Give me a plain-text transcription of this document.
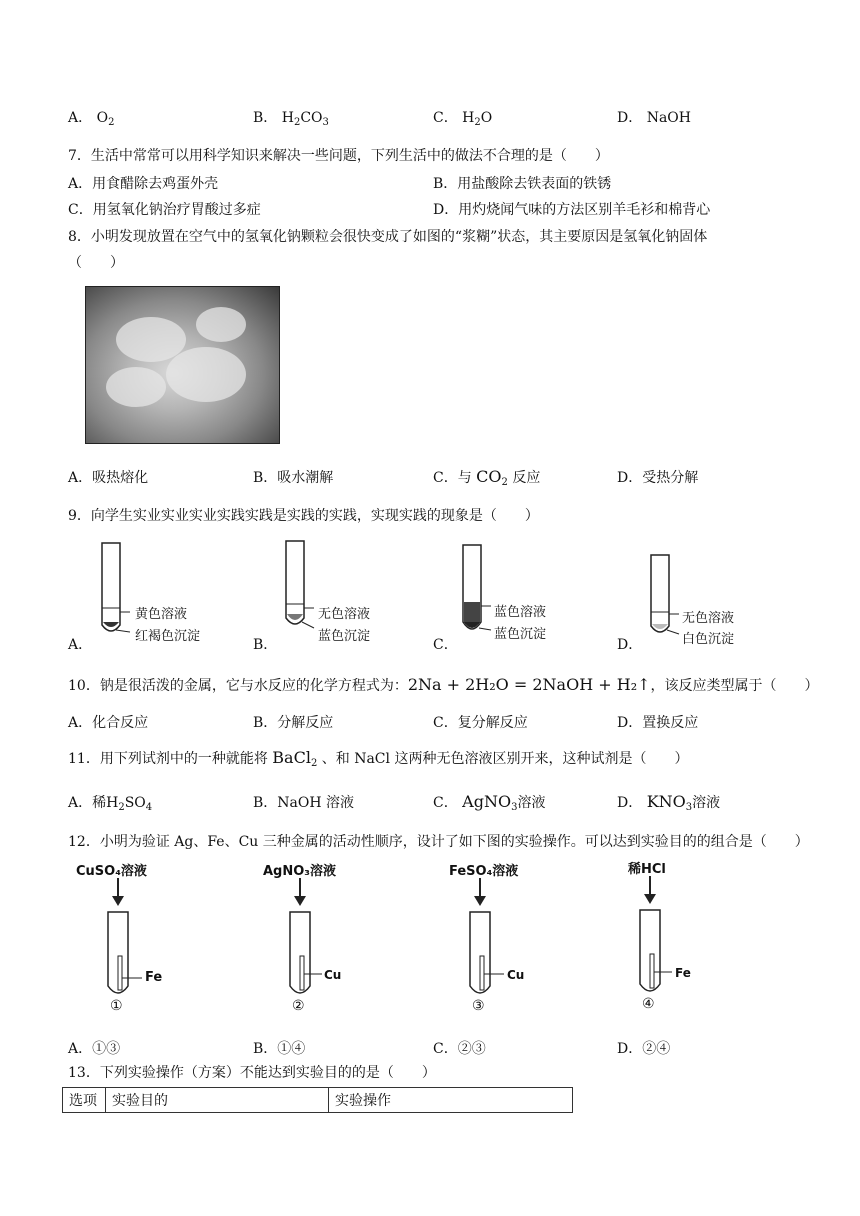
A． $O_2$	B． $H_2CO_3$	C． $H_2O$	D． NaOH
7．生活中常常可以用科学知识来解决一些问题，下列生活中的做法不合理的是（　　）
A．用食醋除去鸡蛋外壳	B．用盐酸除去铁表面的铁锈
C．用氢氧化钠治疗胃酸过多症	D．用灼烧闻气味的方法区别羊毛衫和棉背心
8．小明发现放置在空气中的氢氧化钠颗粒会很快变成了如图的“浆糊”状态，其主要原因是氢氧化钠固体
（　　）
A．吸热熔化	B．吸水潮解	C．与 $CO_2$ 反应	D．受热分解
9．向学生实业实业实业实践实践是实践的实践，实现实践的现象是（　　）
黄色溶液
红褐色沉淀
A．
无色溶液
蓝色沉淀
B．
蓝色溶液
蓝色沉淀
C．
无色溶液
白色沉淀
D．
10．钠是很活泼的金属，它与水反应的化学方程式为：2Na + 2H₂O = 2NaOH + H₂↑，该反应类型属于（　　）
A．化合反应	B．分解反应	C．复分解反应	D．置换反应
11．用下列试剂中的一种就能将 BaCl$_2$ 、和 NaCl 这两种无色溶液区别开来，这种试剂是（　　）
A．稀$H_2SO_4$	B．NaOH 溶液	C． AgNO$_3$溶液	D． $KNO_3$溶液
12．小明为验证 Ag、Fe、Cu 三种金属的活动性顺序，设计了如下图的实验操作。可以达到实验目的的组合是（　　）
CuSO₄溶液
Fe
①
AgNO₃溶液
Cu
②
FeSO₄溶液
Cu
③
稀HCl
Fe
④
A．①③	B．①④	C．②③	D．②④
13．下列实验操作（方案）不能达到实验目的的是（　　）
选项	实验目的	实验操作
